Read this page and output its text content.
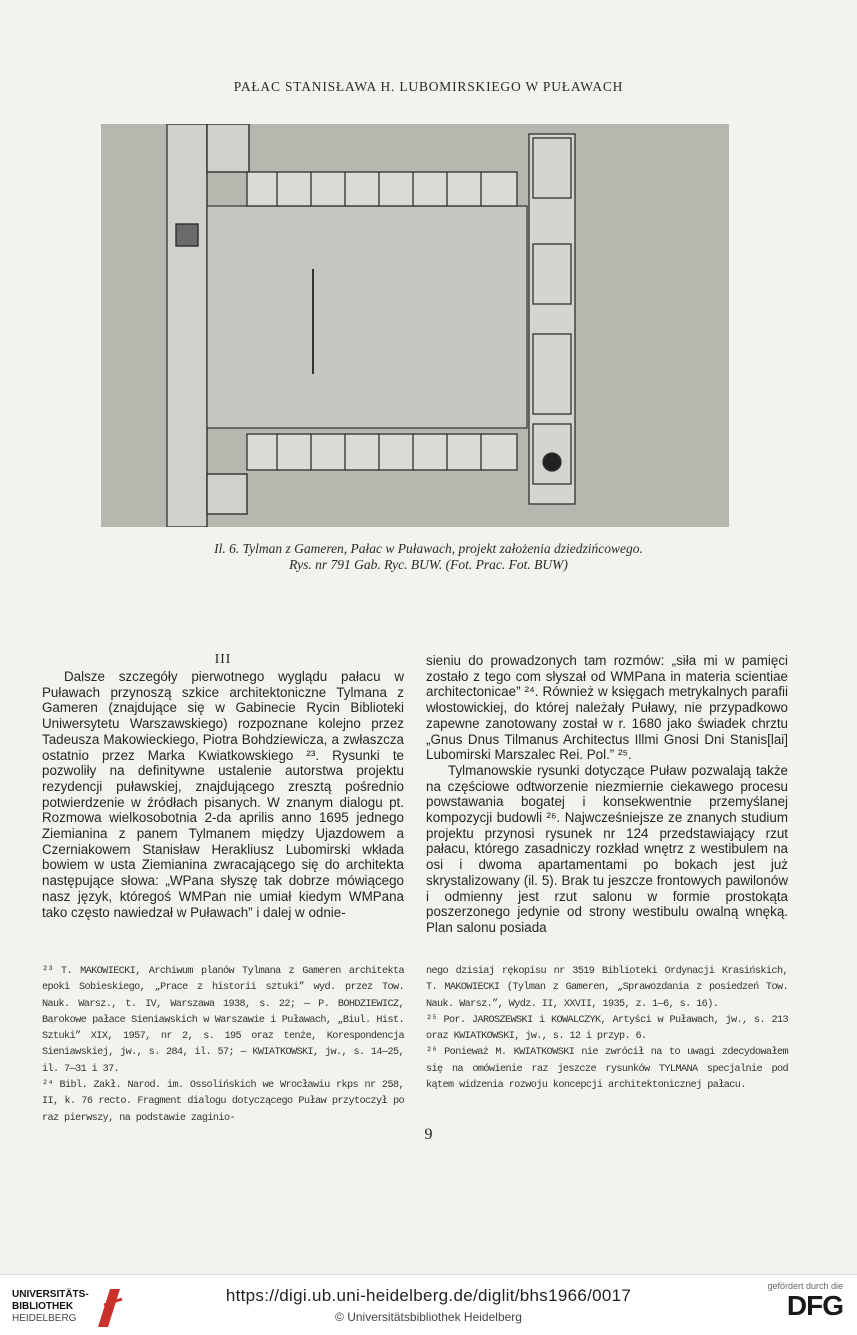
PAŁAC STANISŁAWA H. LUBOMIRSKIEGO W PUŁAWACH
Il. 6. Tylman z Gameren, Pałac w Puławach, projekt założenia dziedzińcowego.
Rys. nr 791 Gab. Ryc. BUW. (Fot. Prac. Fot. BUW)
III

Dalsze szczegóły pierwotnego wyglądu pałacu w Puławach przynoszą szkice architektoniczne Tylmana z Gameren (znajdujące się w Gabinecie Rycin Biblioteki Uniwersytetu Warszawskiego) rozpoznane kolejno przez Tadeusza Makowieckiego, Piotra Bohdziewicza, a zwłaszcza ostatnio przez Marka Kwiatkowskiego ²³. Rysunki te pozwoliły na definitywne ustalenie autorstwa projektu rezydencji puławskiej, znajdującego zresztą pośrednio potwierdzenie w źródłach pisanych. W znanym dialogu pt. Rozmowa wielkosobotnia 2-da aprilis anno 1695 jednego Ziemianina z panem Tylmanem między Ujazdowem a Czerniakowem Stanisław Herakliusz Lubomirski wkłada bowiem w usta Ziemianina zwracającego się do architekta następujące słowa: „WPana słyszę tak dobrze mówiącego nasz język, któregoś WMPan nie umiał kiedym WMPana tako często nawiedzał w Puławach” i dalej w odnie-

sieniu do prowadzonych tam rozmów: „siła mi w pamięci zostało z tego com słyszał od WMPana in materia scientiae architectonicae” ²⁴. Również w księgach metrykalnych parafii włostowickiej, do której należały Puławy, nie przypadkowo zapewne zanotowany został w r. 1680 jako świadek chrztu „Gnus Dnus Tilmanus Architectus Illmi Gnosi Dni Stanis[lai] Lubomirski Marszalec Rei. Pol.” ²⁵.

Tylmanowskie rysunki dotyczące Puław pozwalają także na częściowe odtworzenie niezmiernie ciekawego procesu powstawania bogatej i konsekwentnie przemyślanej kompozycji budowli ²⁶. Najwcześniejsze ze znanych studium projektu przynosi rysunek nr 124 przedstawiający rzut pałacu, którego zasadniczy rozkład wnętrz z westibulem na osi i dwoma apartamentami po bokach jest już skrystalizowany (il. 5). Brak tu jeszcze frontowych pawilonów i odmienny jest rzut salonu w formie prostokąta poszerzonego jedynie od strony westibulu owalną wnęką. Plan salonu posiada

²³ T. MAKOWIECKI, Archiwum planów Tylmana z Gameren architekta epoki Sobieskiego, „Prace z historii sztuki” wyd. przez Tow. Nauk. Warsz., t. IV, Warszawa 1938, s. 22; — P. BOHDZIEWICZ, Barokowe pałace Sieniawskich w Warszawie i Puławach, „Biul. Hist. Sztuki” XIX, 1957, nr 2, s. 195 oraz tenże, Korespondencja Sieniawskiej, jw., s. 284, il. 57; — KWIATKOWSKI, jw., s. 14—25, il. 7—31 i 37.

²⁴ Bibl. Zakł. Narod. im. Ossolińskich we Wrocławiu rkps nr 258, II, k. 76 recto. Fragment dialogu dotyczącego Puław przytoczył po raz pierwszy, na podstawie zaginio-

nego dzisiaj rękopisu nr 3519 Biblioteki Ordynacji Krasińskich, T. MAKOWIECKI (Tylman z Gameren, „Sprawozdania z posiedzeń Tow. Nauk. Warsz.”, Wydz. II, XXVII, 1935, z. 1—6, s. 16).

²⁵ Por. JAROSZEWSKI i KOWALCZYK, Artyści w Puławach, jw., s. 213 oraz KWIATKOWSKI, jw., s. 12 i przyp. 6.

²⁶ Ponieważ M. KWIATKOWSKI nie zwrócił na to uwagi zdecydowałem się na omówienie raz jeszcze rysunków TYLMANA specjalnie pod kątem widzenia rozwoju koncepcji architektonicznej pałacu.

9
UNIVERSITÄTS-
BIBLIOTHEK
HEIDELBERG
https://digi.ub.uni-heidelberg.de/diglit/bhs1966/0017
© Universitätsbibliothek Heidelberg
gefördert durch die
DFG
